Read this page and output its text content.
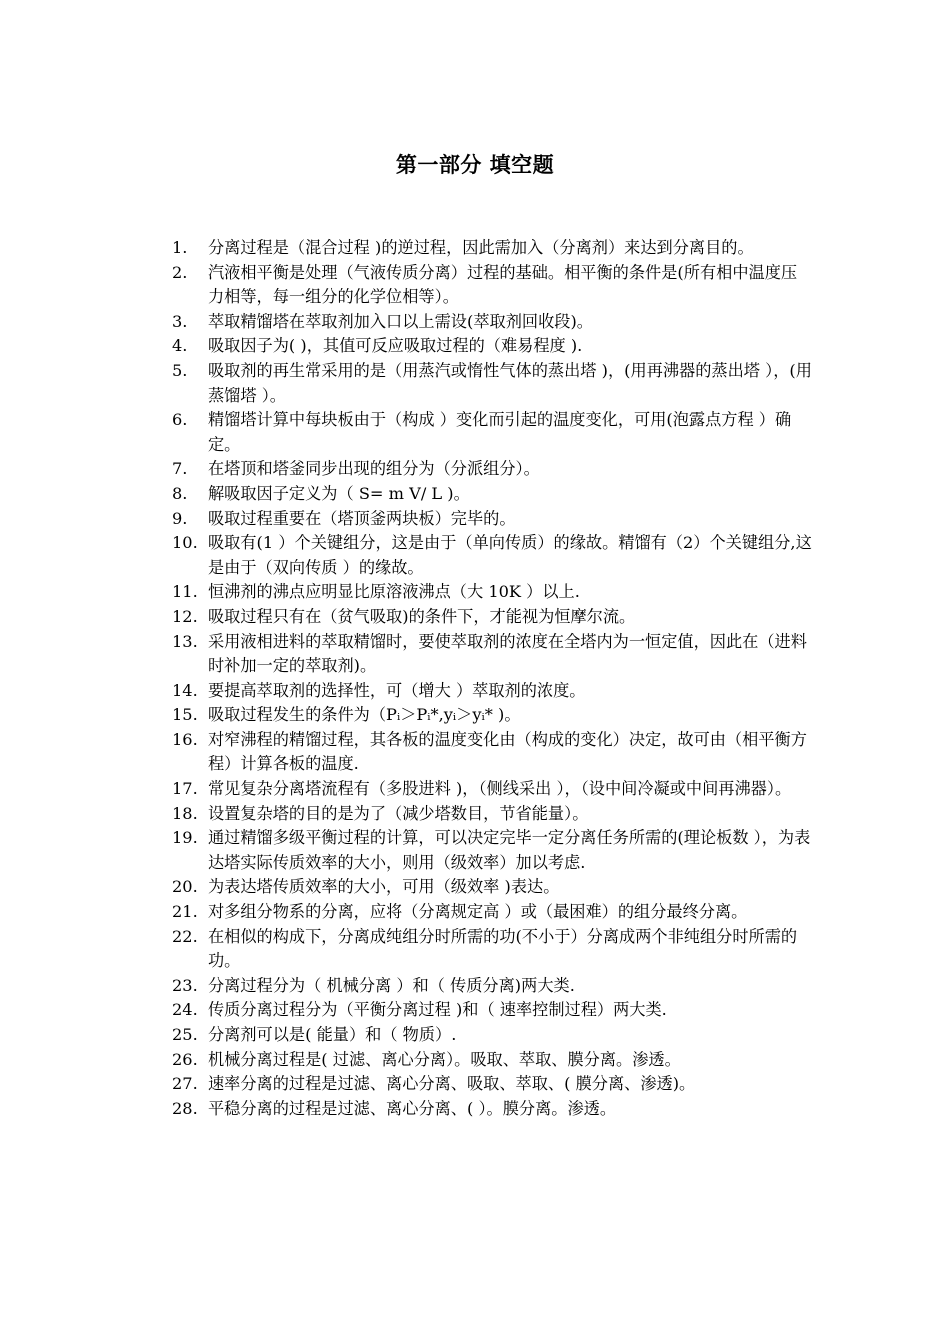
第一部分 填空题
1.	分离过程是（混合过程 )的逆过程，因此需加入（分离剂）来达到分离目的。
2.	汽液相平衡是处理（气液传质分离）过程的基础。相平衡的条件是(所有相中温度压力相等，每一组分的化学位相等）。
3.	萃取精馏塔在萃取剂加入口以上需设(萃取剂回收段)。
4.	吸取因子为( )，其值可反应吸取过程的（难易程度 ).
5.	吸取剂的再生常采用的是（用蒸汽或惰性气体的蒸出塔 )，(用再沸器的蒸出塔 ），(用蒸馏塔 ）。
6.	精馏塔计算中每块板由于（构成 ）变化而引起的温度变化，可用(泡露点方程 ）确定。
7.	在塔顶和塔釜同步出现的组分为（分派组分）。
8.	解吸取因子定义为（ S= m V/ L )。
9.	吸取过程重要在（塔顶釜两块板）完毕的。
10. 吸取有(1 ）个关键组分，这是由于（单向传质）的缘故。精馏有（2）个关键组分,这是由于（双向传质 ）的缘故。
11. 恒沸剂的沸点应明显比原溶液沸点（大 10K ）以上.
12. 吸取过程只有在（贫气吸取)的条件下，才能视为恒摩尔流。
13. 采用液相进料的萃取精馏时，要使萃取剂的浓度在全塔内为一恒定值，因此在（进料时补加一定的萃取剂)。
14. 要提高萃取剂的选择性，可（增大 ）萃取剂的浓度。
15. 吸取过程发生的条件为（Pᵢ＞Pᵢ*,yᵢ＞yᵢ* )。
16. 对窄沸程的精馏过程，其各板的温度变化由（构成的变化）决定，故可由（相平衡方程）计算各板的温度.
17. 常见复杂分离塔流程有（多股进料 )，（侧线采出 ），（设中间冷凝或中间再沸器）。
18. 设置复杂塔的目的是为了（减少塔数目，节省能量）。
19. 通过精馏多级平衡过程的计算，可以决定完毕一定分离任务所需的(理论板数 ），为表达塔实际传质效率的大小，则用（级效率）加以考虑.
20. 为表达塔传质效率的大小，可用（级效率 )表达。
21. 对多组分物系的分离，应将（分离规定高 ）或（最困难）的组分最终分离。
22. 在相似的构成下，分离成纯组分时所需的功(不小于）分离成两个非纯组分时所需的功。
23. 分离过程分为（ 机械分离 ）和（ 传质分离)两大类.
24. 传质分离过程分为（平衡分离过程 )和（ 速率控制过程）两大类.
25. 分离剂可以是( 能量）和（ 物质）.
26. 机械分离过程是( 过滤、离心分离）。吸取、萃取、膜分离。渗透。
27. 速率分离的过程是过滤、离心分离、吸取、萃取、( 膜分离、渗透)。
28. 平稳分离的过程是过滤、离心分离、( ）。膜分离。渗透。
